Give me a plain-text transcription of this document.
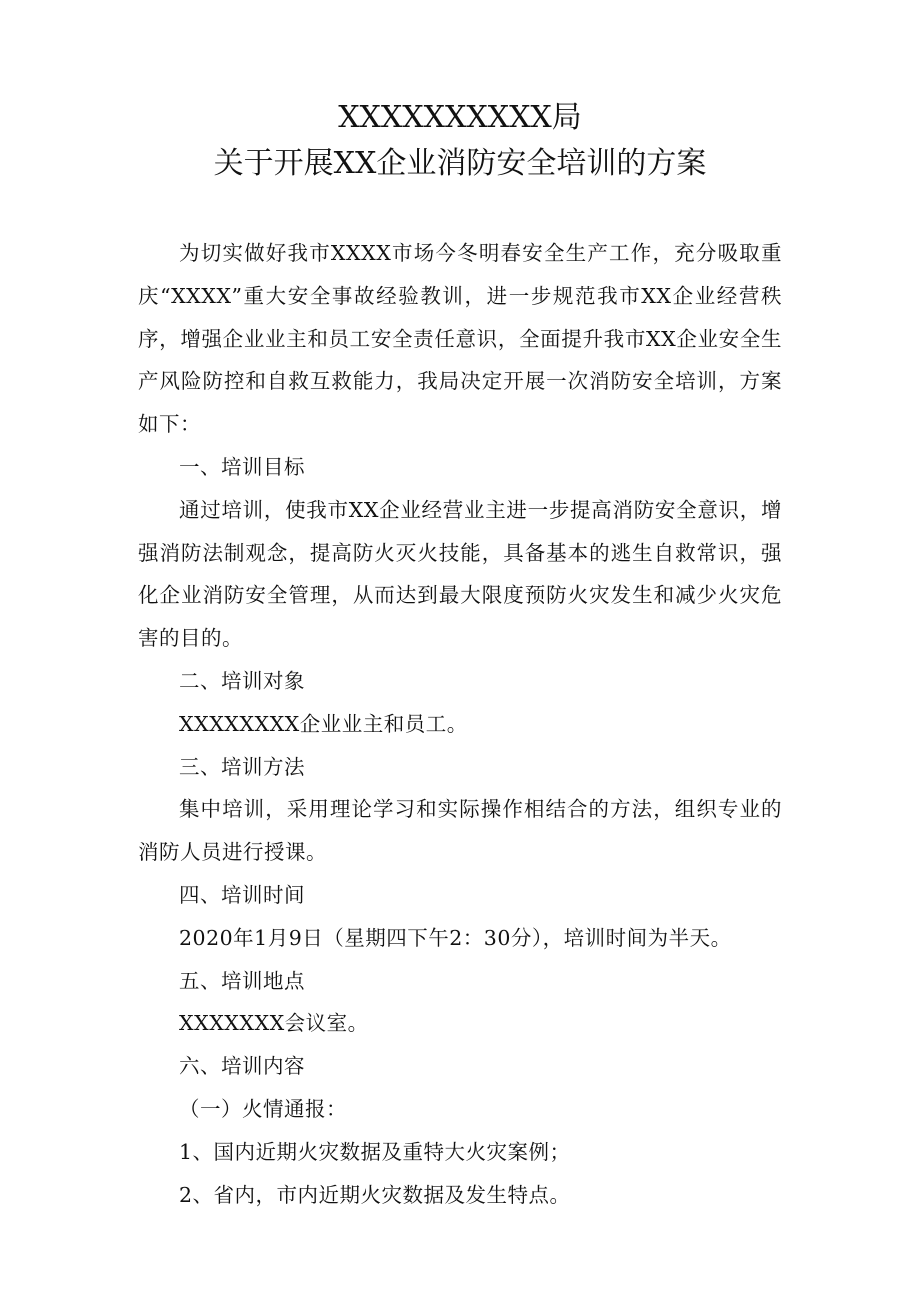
XXXXXXXXXX局
关于开展XX企业消防安全培训的方案

为切实做好我市XXXX市场今冬明春安全生产工作，充分吸取重庆“XXXX”重大安全事故经验教训，进一步规范我市XX企业经营秩序，增强企业业主和员工安全责任意识，全面提升我市XX企业安全生产风险防控和自救互救能力，我局决定开展一次消防安全培训，方案如下：

一、培训目标

通过培训，使我市XX企业经营业主进一步提高消防安全意识，增强消防法制观念，提高防火灭火技能，具备基本的逃生自救常识，强化企业消防安全管理，从而达到最大限度预防火灾发生和减少火灾危害的目的。

二、培训对象

XXXXXXXX企业业主和员工。

三、培训方法

集中培训，采用理论学习和实际操作相结合的方法，组织专业的消防人员进行授课。

四、培训时间

2020年1月9日（星期四下午2：30分），培训时间为半天。

五、培训地点

XXXXXXX会议室。

六、培训内容

（一）火情通报：

1、国内近期火灾数据及重特大火灾案例；

2、省内，市内近期火灾数据及发生特点。
